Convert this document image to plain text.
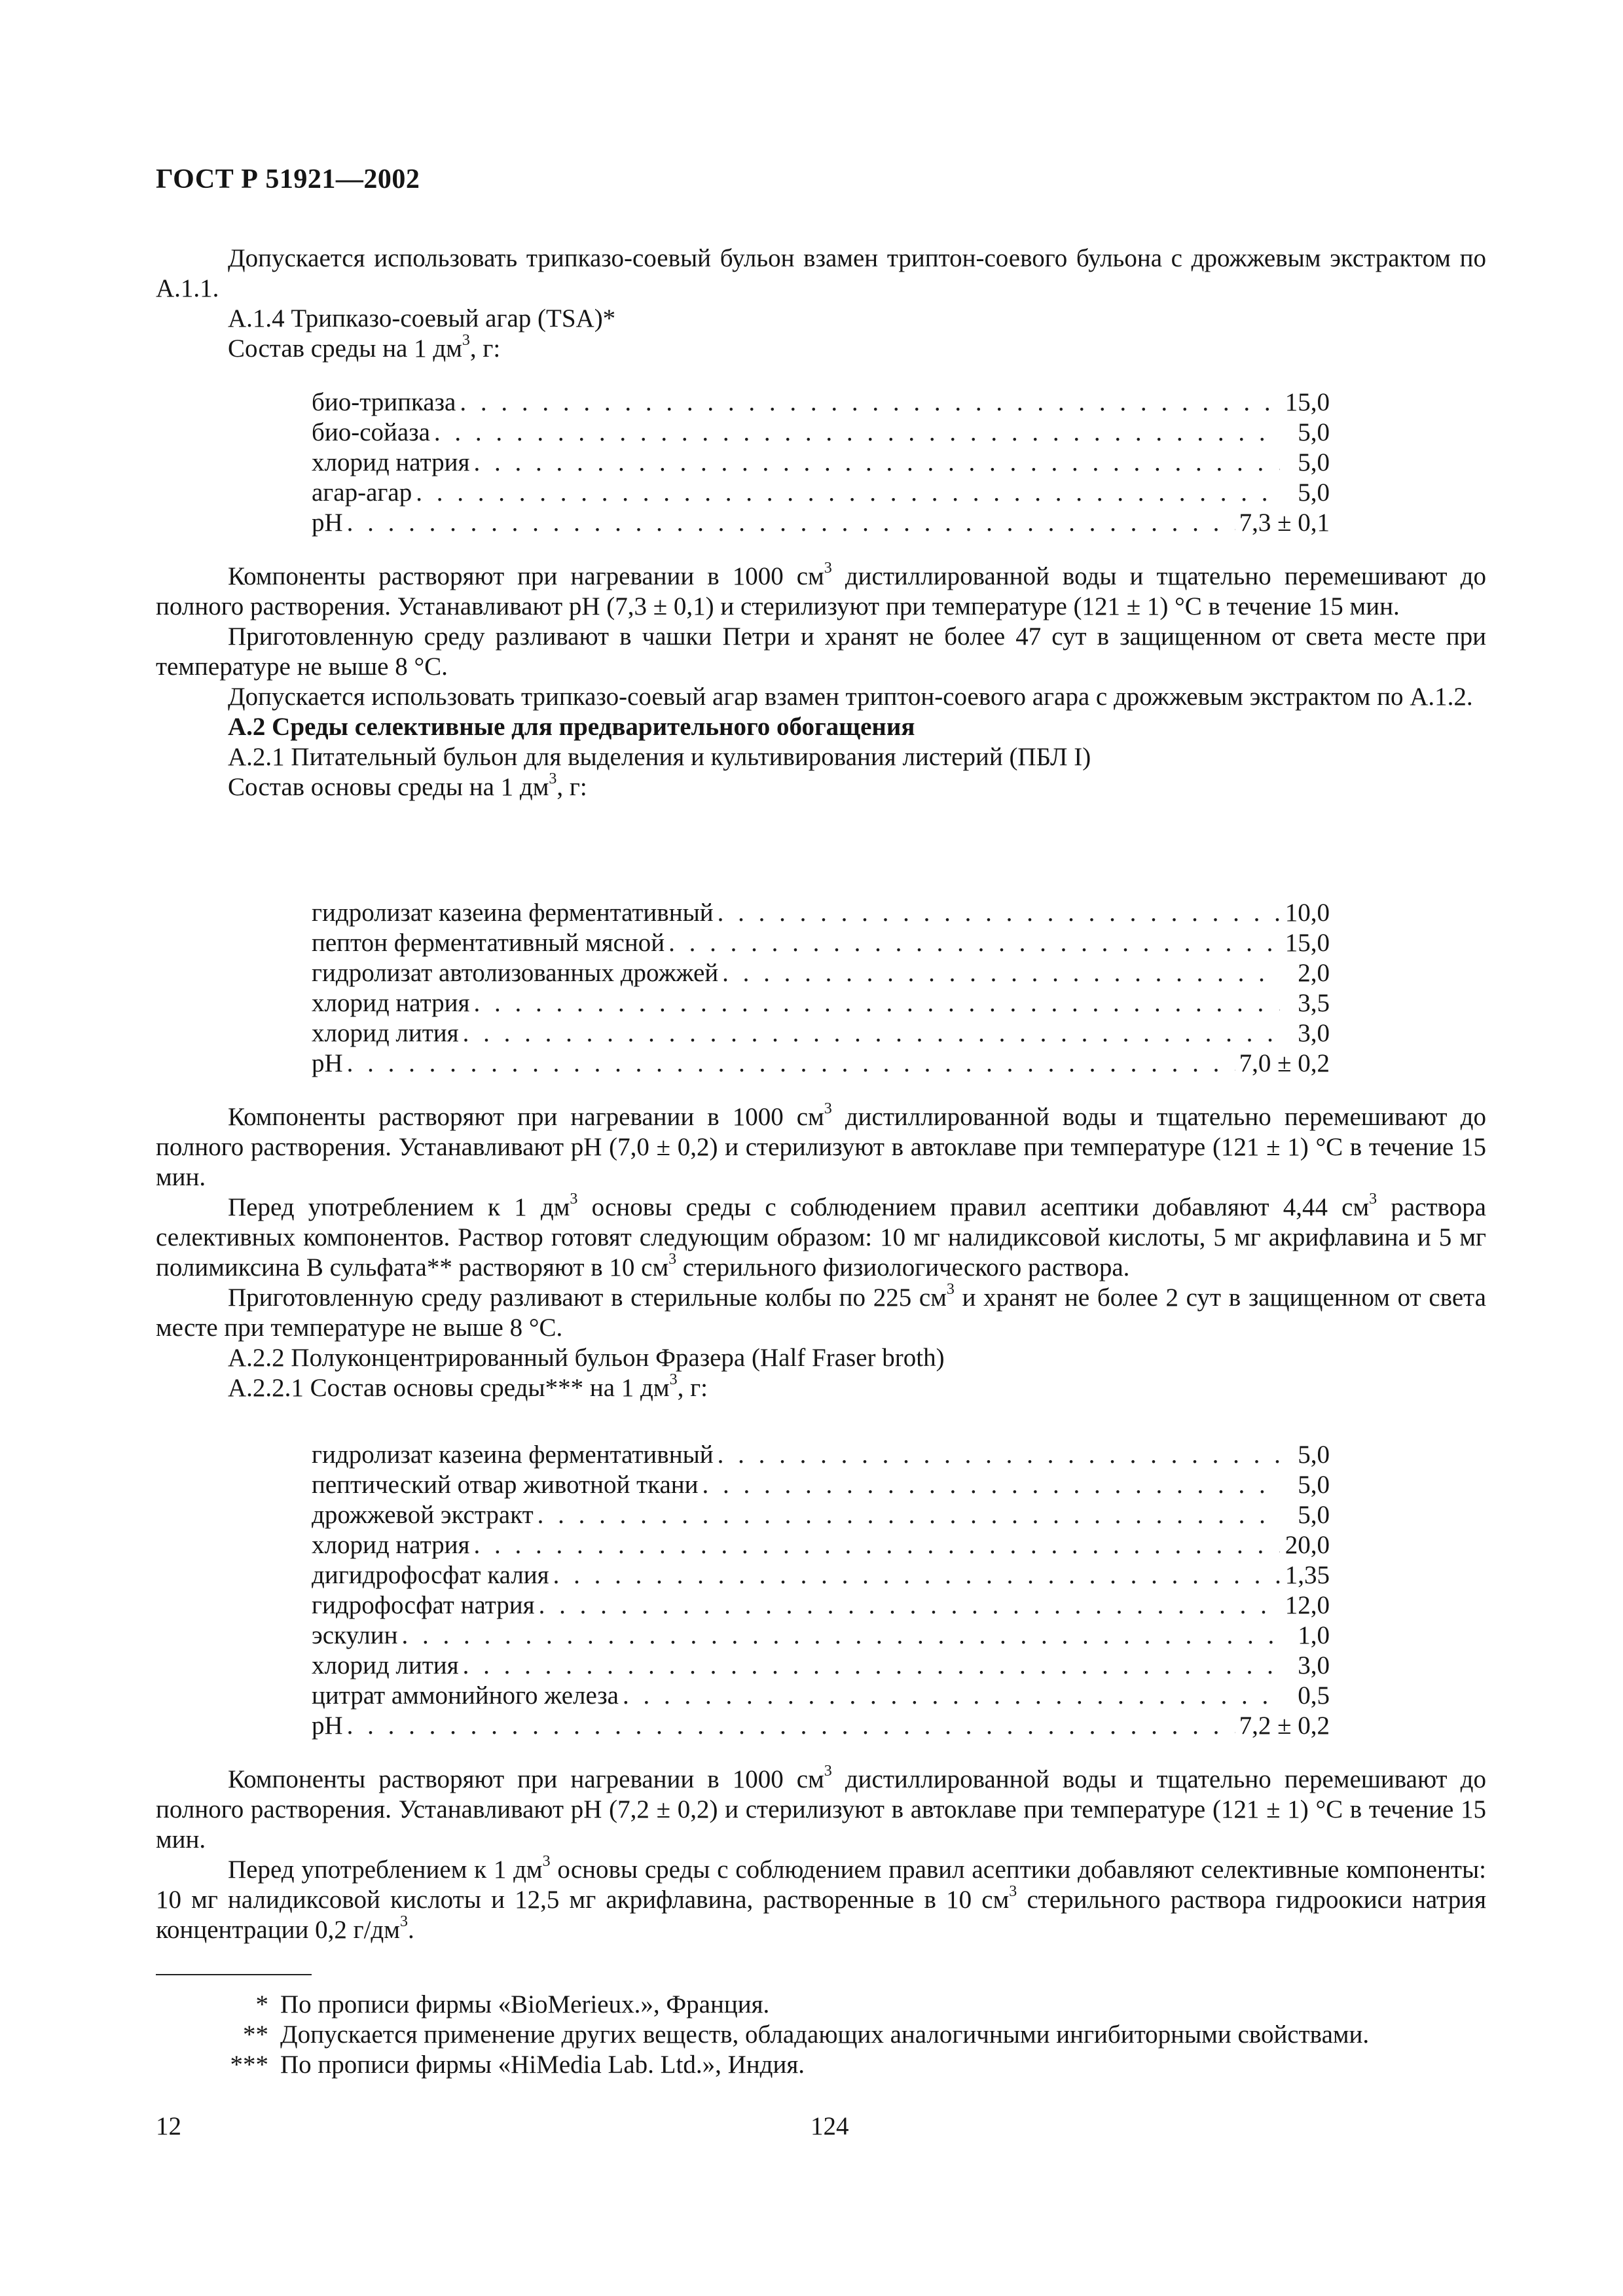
ГОСТ Р 51921—2002

Допускается использовать трипказо-соевый бульон взамен триптон-соевого бульона с дрожжевым экстрактом по А.1.1.

А.1.4 Трипказо-соевый агар (TSA)*

Состав среды на 1 $дм^3$, г:

био-трипказа . . .	15,0
био-сойаза . . .	5,0
хлорид натрия . . .	5,0
агар-агар . . .	5,0
рН . . .	7,3 ± 0,1

Компоненты растворяют при нагревании в 1000 $см^3$ дистиллированной воды и тщательно перемешивают до полного растворения. Устанавливают рН (7,3 ± 0,1) и стерилизуют при температуре (121 ± 1) °С в течение 15 мин.

Приготовленную среду разливают в чашки Петри и хранят не более 47 сут в защищенном от света месте при температуре не выше 8 °С.

Допускается использовать трипказо-соевый агар взамен триптон-соевого агара с дрожжевым экстрактом по А.1.2.

А.2 Среды селективные для предварительного обогащения

А.2.1 Питательный бульон для выделения и культивирования листерий (ПБЛ I)

Состав основы среды на 1 $дм^3$, г:

гидролизат казеина ферментативный . . .	10,0
пептон ферментативный мясной . . .	15,0
гидролизат автолизованных дрожжей . . .	2,0
хлорид натрия . . .	3,5
хлорид лития . . .	3,0
рН . . .	7,0 ± 0,2

Компоненты растворяют при нагревании в 1000 $см^3$ дистиллированной воды и тщательно перемешивают до полного растворения. Устанавливают рН (7,0 ± 0,2) и стерилизуют в автоклаве при температуре (121 ± 1) °С в течение 15 мин.

Перед употреблением к 1 $дм^3$ основы среды с соблюдением правил асептики добавляют 4,44 $см^3$ раствора селективных компонентов. Раствор готовят следующим образом: 10 мг налидиксовой кислоты, 5 мг акрифлавина и 5 мг полимиксина В сульфата** растворяют в 10 $см^3$ стерильного физиологического раствора.

Приготовленную среду разливают в стерильные колбы по 225 $см^3$ и хранят не более 2 сут в защищенном от света месте при температуре не выше 8 °С.

А.2.2 Полуконцентрированный бульон Фразера (Half Fraser broth)

А.2.2.1 Состав основы среды*** на 1 $дм^3$, г:

гидролизат казеина ферментативный . . .	5,0
пептический отвар животной ткани . . .	5,0
дрожжевой экстракт . . .	5,0
хлорид натрия . . .	20,0
дигидрофосфат калия . . .	1,35
гидрофосфат натрия . . .	12,0
эскулин . . .	1,0
хлорид лития . . .	3,0
цитрат аммонийного железа . . .	0,5
рН . . .	7,2 ± 0,2

Компоненты растворяют при нагревании в 1000 $см^3$ дистиллированной воды и тщательно перемешивают до полного растворения. Устанавливают рН (7,2 ± 0,2) и стерилизуют в автоклаве при температуре (121 ± 1) °С в течение 15 мин.

Перед употреблением к 1 $дм^3$ основы среды с соблюдением правил асептики добавляют селективные компоненты: 10 мг налидиксовой кислоты и 12,5 мг акрифлавина, растворенные в 10 $см^3$ стерильного раствора гидроокиси натрия концентрации 0,2 $г/дм^3$.

* По прописи фирмы «BioMerieux.», Франция.
** Допускается применение других веществ, обладающих аналогичными ингибиторными свойствами.
*** По прописи фирмы «HiMedia Lab. Ltd.», Индия.
12	124
